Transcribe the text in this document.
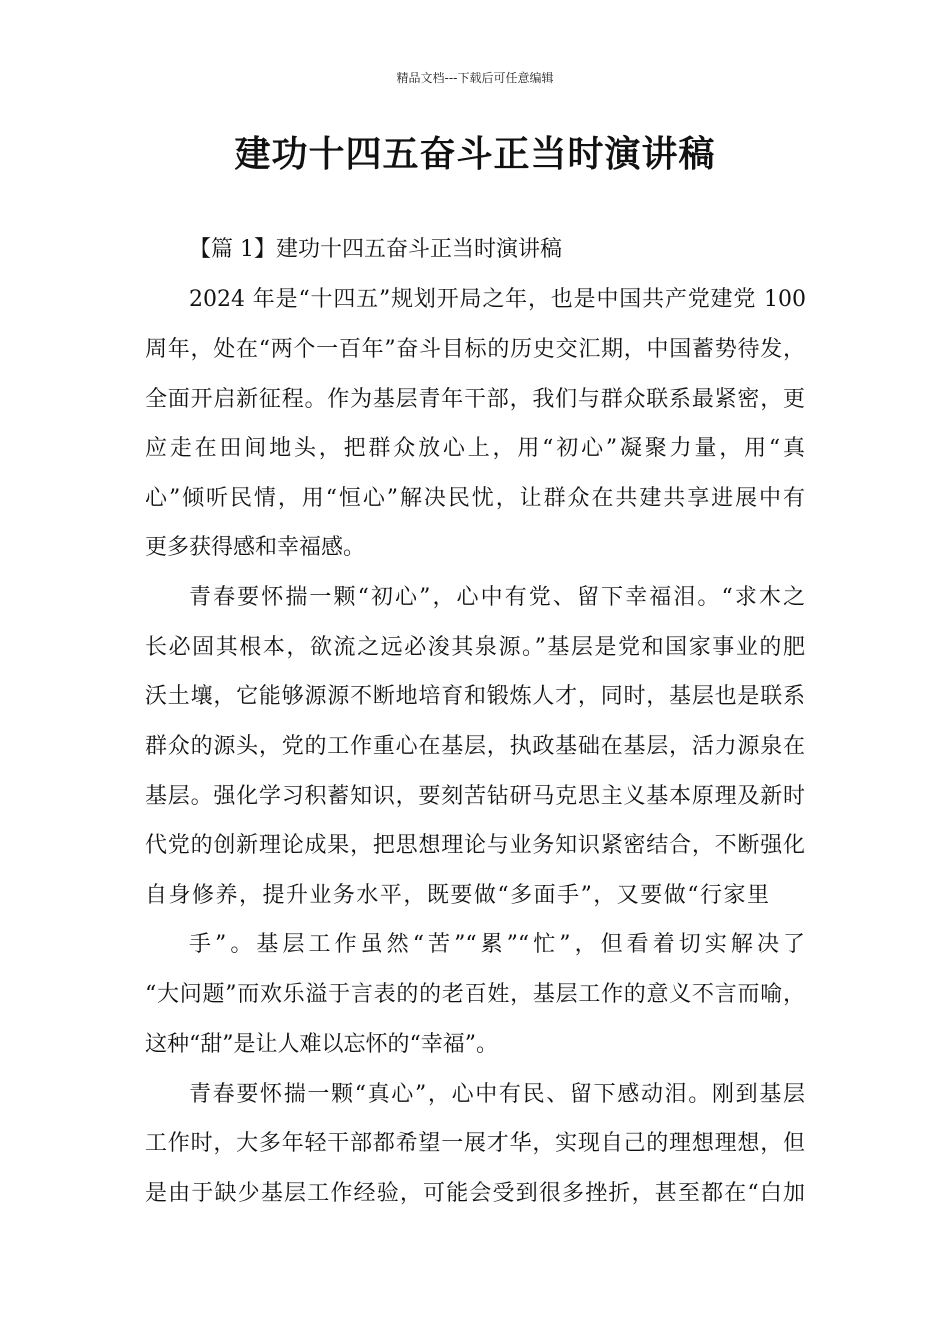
精品文档---下载后可任意编辑
建功十四五奋斗正当时演讲稿
【篇 1】建功十四五奋斗正当时演讲稿
2024 年是“十四五”规划开局之年，也是中国共产党建党 100
周年，处在“两个一百年”奋斗目标的历史交汇期，中国蓄势待发，
全面开启新征程。作为基层青年干部，我们与群众联系最紧密，更
应走在田间地头，把群众放心上，用“初心”凝聚力量，用“真
心”倾听民情，用“恒心”解决民忧，让群众在共建共享进展中有
更多获得感和幸福感。
青春要怀揣一颗“初心”，心中有党、留下幸福泪。“求木之
长必固其根本，欲流之远必浚其泉源。”基层是党和国家事业的肥
沃土壤，它能够源源不断地培育和锻炼人才，同时，基层也是联系
群众的源头，党的工作重心在基层，执政基础在基层，活力源泉在
基层。强化学习积蓄知识，要刻苦钻研马克思主义基本原理及新时
代党的创新理论成果，把思想理论与业务知识紧密结合，不断强化
自身修养，提升业务水平，既要做“多面手”，又要做“行家里
手”。基层工作虽然“苦”“累”“忙”，但看着切实解决了
“大问题”而欢乐溢于言表的的老百姓，基层工作的意义不言而喻，
这种“甜”是让人难以忘怀的“幸福”。
青春要怀揣一颗“真心”，心中有民、留下感动泪。刚到基层
工作时，大多年轻干部都希望一展才华，实现自己的理想理想，但
是由于缺少基层工作经验，可能会受到很多挫折，甚至都在“白加
